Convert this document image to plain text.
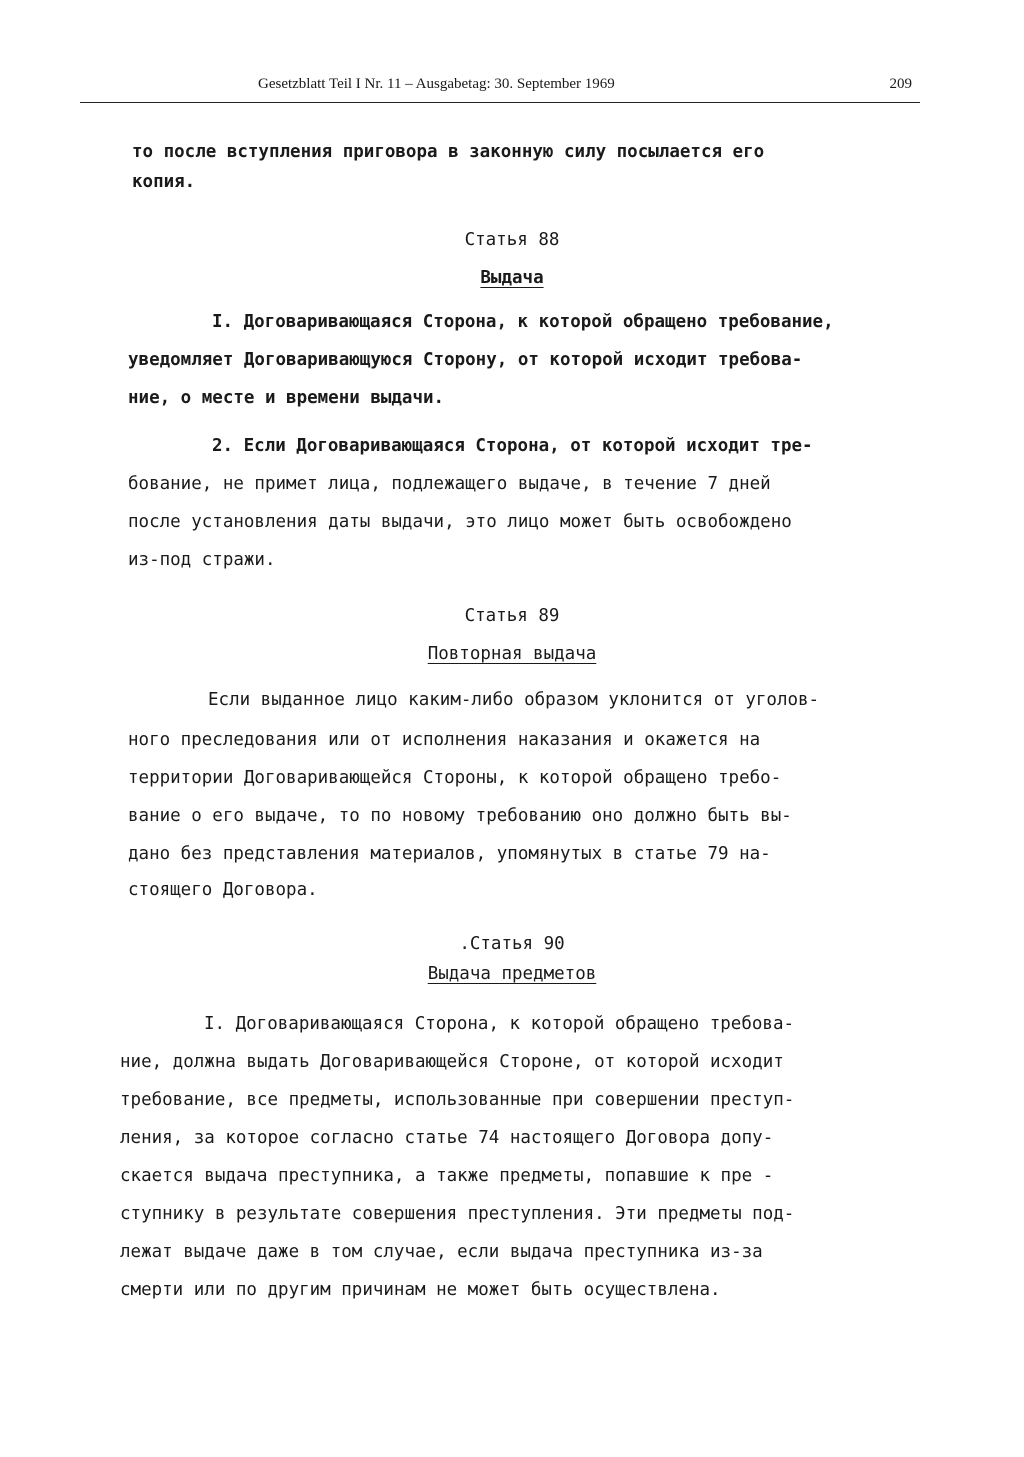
Gesetzblatt Teil I Nr. 11 – Ausgabetag: 30. September 1969	209
то после вступления приговора в законную силу посылается его
копия.
Статья 88
Выдача
I. Договаривающаяся Сторона, к которой обращено требование,
уведомляет Договаривающуюся Сторону, от которой исходит требова-
ние, о месте и времени выдачи.
2. Если Договаривающаяся Сторона, от которой исходит тре-
бование, не примет лица, подлежащего выдаче, в течение 7 дней
после установления даты выдачи, это лицо может быть освобождено
из-под стражи.
Статья 89
Повторная выдача
Если выданное лицо каким-либо образом уклонится от уголов-
ного преследования или от исполнения наказания и окажется на
территории Договаривающейся Стороны, к которой обращено требо-
вание о его выдаче, то по новому требованию оно должно быть вы-
дано без представления материалов, упомянутых в статье 79 на-
стоящего Договора.
.Статья 90
Выдача предметов
I. Договаривающаяся Сторона, к которой обращено требова-
ние, должна выдать Договаривающейся Стороне, от которой исходит
требование, все предметы, использованные при совершении преступ-
ления, за которое согласно статье 74 настоящего Договора допу-
скается выдача преступника, а также предметы, попавшие к пре -
ступнику в результате совершения преступления. Эти предметы под-
лежат выдаче даже в том случае, если выдача преступника из-за
смерти или по другим причинам не может быть осуществлена.
